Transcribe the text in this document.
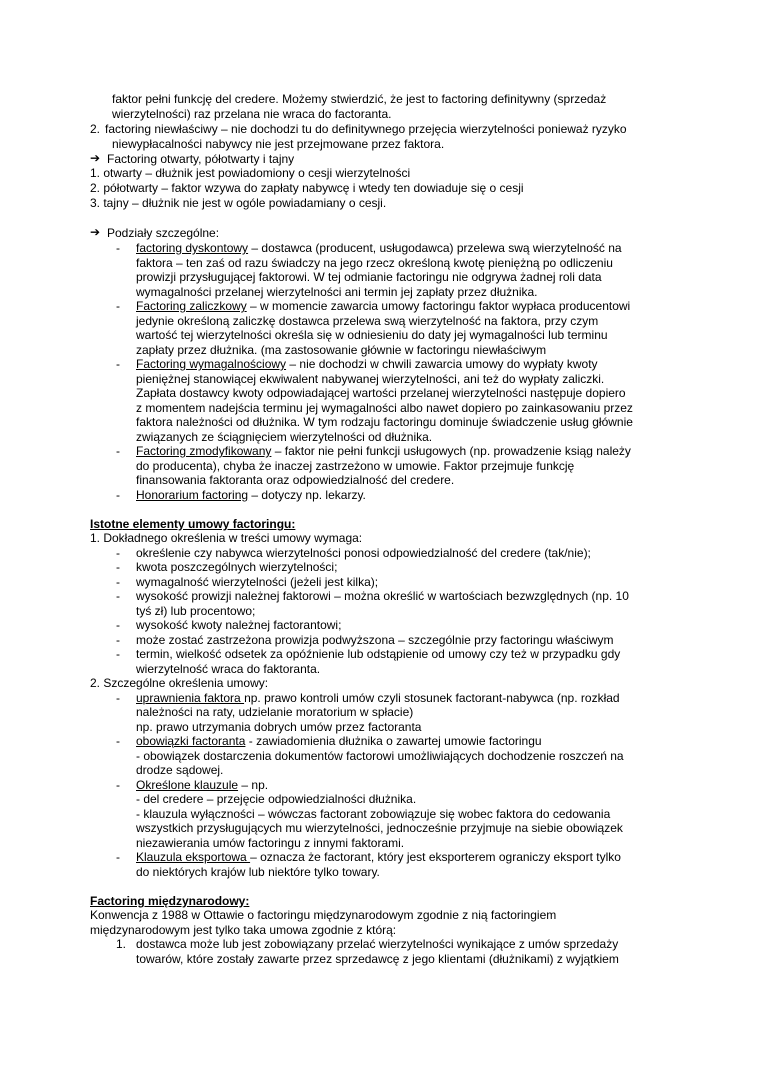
faktor pełni funkcję del credere. Możemy stwierdzić, że jest to factoring definitywny (sprzedaż
wierzytelności) raz przelana nie wraca do factoranta.
2. factoring niewłaściwy – nie dochodzi tu do definitywnego przejęcia wierzytelności ponieważ ryzyko
niewypłacalności nabywcy nie jest przejmowane przez faktora.
➔ Factoring otwarty, półotwarty i tajny
1. otwarty – dłużnik jest powiadomiony o cesji wierzytelności
2. półotwarty – faktor wzywa do zapłaty nabywcę i wtedy ten dowiaduje się o cesji
3. tajny – dłużnik nie jest w ogóle powiadamiany o cesji.
➔ Podziały szczególne:
- factoring dyskontowy – dostawca (producent, usługodawca) przelewa swą wierzytelność na
faktora – ten zaś od razu świadczy na jego rzecz określoną kwotę pieniężną po odliczeniu
prowizji przysługującej faktorowi. W tej odmianie factoringu nie odgrywa żadnej roli data
wymagalności przelanej wierzytelności ani termin jej zapłaty przez dłużnika.
- Factoring zaliczkowy – w momencie zawarcia umowy factoringu faktor wypłaca producentowi
jedynie określoną zaliczkę dostawca przelewa swą wierzytelność na faktora, przy czym
wartość tej wierzytelności określa się w odniesieniu do daty jej wymagalności lub terminu
zapłaty przez dłużnika. (ma zastosowanie głównie w factoringu niewłaściwym
- Factoring wymagalnościowy – nie dochodzi w chwili zawarcia umowy do wypłaty kwoty
pieniężnej stanowiącej ekwiwalent nabywanej wierzytelności, ani też do wypłaty zaliczki.
Zapłata dostawcy kwoty odpowiadającej wartości przelanej wierzytelności następuje dopiero
z momentem nadejścia terminu jej wymagalności albo nawet dopiero po zainkasowaniu przez
faktora należności od dłużnika. W tym rodzaju factoringu dominuje świadczenie usług głównie
związanych ze ściągnięciem wierzytelności od dłużnika.
- Factoring zmodyfikowany – faktor nie pełni funkcji usługowych (np. prowadzenie ksiąg należy
do producenta), chyba że inaczej zastrzeżono w umowie. Faktor przejmuje funkcję
finansowania faktoranta oraz odpowiedzialność del credere.
- Honorarium factoring – dotyczy np. lekarzy.
Istotne elementy umowy factoringu:
1. Dokładnego określenia w treści umowy wymaga:
- określenie czy nabywca wierzytelności ponosi odpowiedzialność del credere (tak/nie);
- kwota poszczególnych wierzytelności;
- wymagalność wierzytelności (jeżeli jest kilka);
- wysokość prowizji należnej faktorowi – można określić w wartościach bezwzględnych (np. 10
tyś zł) lub procentowo;
- wysokość kwoty należnej factorantowi;
- może zostać zastrzeżona prowizja podwyższona – szczególnie przy factoringu właściwym
- termin, wielkość odsetek za opóźnienie lub odstąpienie od umowy czy też w przypadku gdy
wierzytelność wraca do faktoranta.
2. Szczególne określenia umowy:
- uprawnienia faktora np. prawo kontroli umów czyli stosunek factorant-nabywca (np. rozkład
należności na raty, udzielanie moratorium w spłacie)
np. prawo utrzymania dobrych umów przez factoranta
- obowiązki factoranta - zawiadomienia dłużnika o zawartej umowie factoringu
- obowiązek dostarczenia dokumentów factorowi umożliwiających dochodzenie roszczeń na
drodze sądowej.
- Określone klauzule – np.
- del credere – przejęcie odpowiedzialności dłużnika.
- klauzula wyłączności – wówczas factorant zobowiązuje się wobec faktora do cedowania
wszystkich przysługujących mu wierzytelności, jednocześnie przyjmuje na siebie obowiązek
niezawierania umów factoringu z innymi faktorami.
- Klauzula eksportowa – oznacza że factorant, który jest eksporterem ograniczy eksport tylko
do niektórych krajów lub niektóre tylko towary.
Factoring międzynarodowy:
Konwencja z 1988 w Ottawie o factoringu międzynarodowym zgodnie z nią factoringiem
międzynarodowym jest tylko taka umowa zgodnie z którą:
1. dostawca może lub jest zobowiązany przelać wierzytelności wynikające z umów sprzedaży
towarów, które zostały zawarte przez sprzedawcę z jego klientami (dłużnikami) z wyjątkiem
